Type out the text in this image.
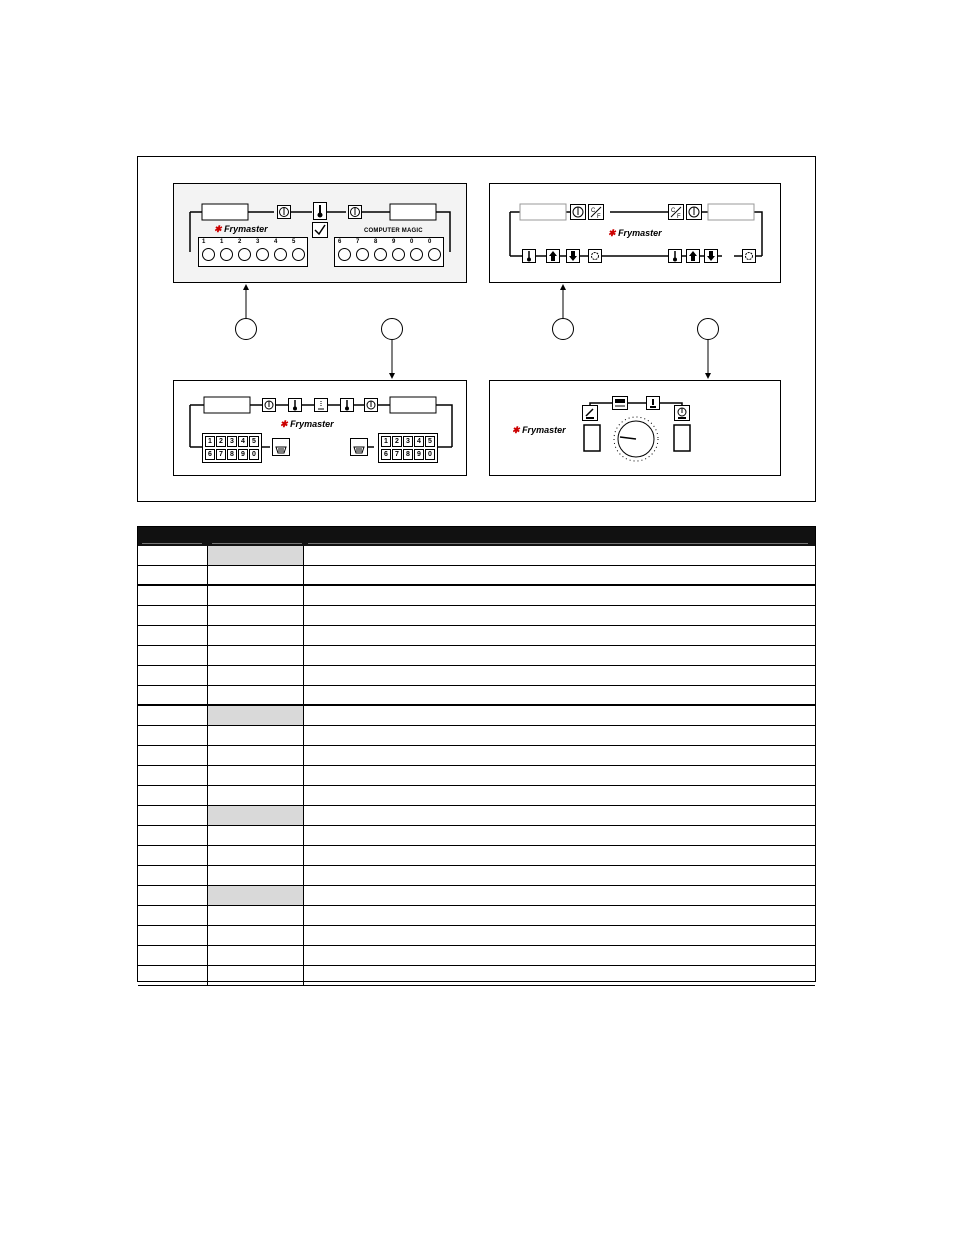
✱ Frymaster	COMPUTER MAGIC
1 1 2 3 4 5	6 7 8 9 0 0
C
F
C
F
✱ Frymaster
✱ Frymaster
1	2	3	4	5
6	7	8	9	0
1	2	3	4	5
6	7	8	9	0
✱ Frymaster
